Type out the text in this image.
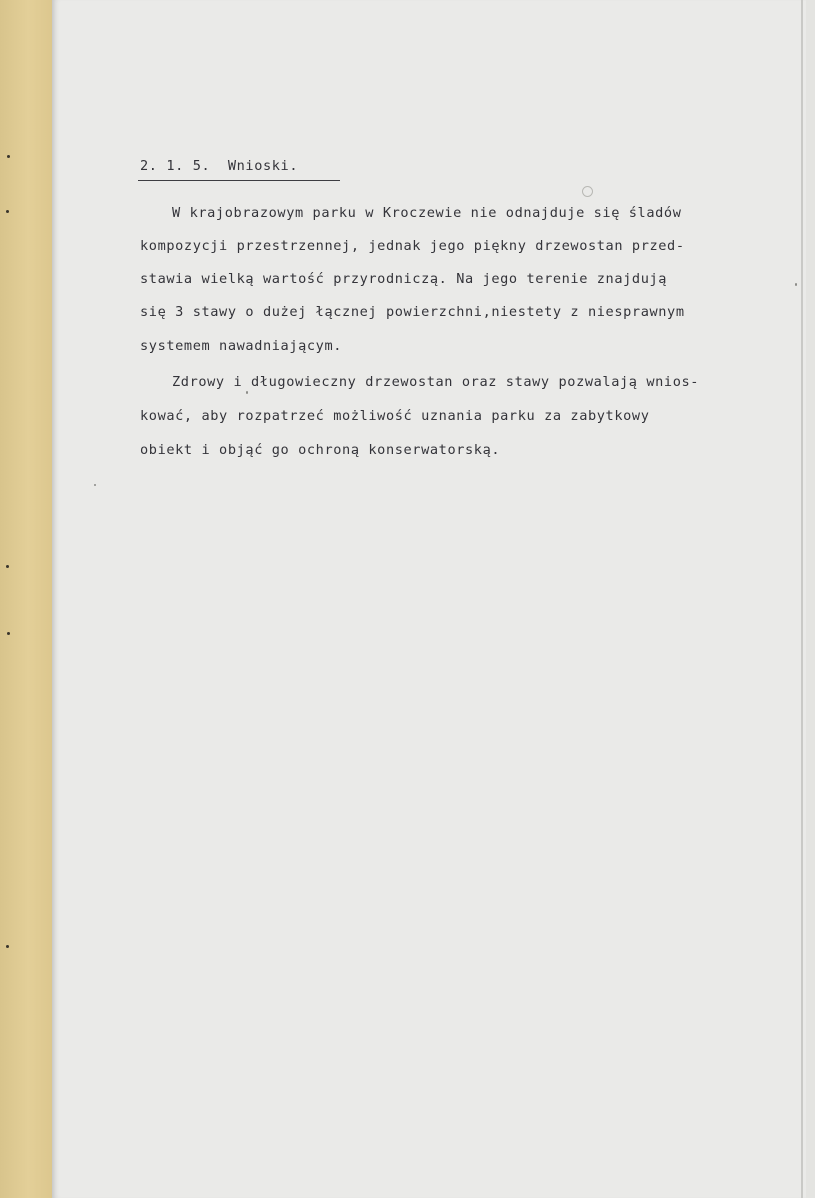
2. 1. 5.  Wnioski.
W krajobrazowym parku w Kroczewie nie odnajduje się śladów
kompozycji przestrzennej, jednak jego piękny drzewostan przed-
stawia wielką wartość przyrodniczą. Na jego terenie znajdują
się 3 stawy o dużej łącznej powierzchni,niestety z niesprawnym
systemem nawadniającym.
Zdrowy i długowieczny drzewostan oraz stawy pozwalają wnios-
kować, aby rozpatrzeć możliwość uznania parku za zabytkowy
obiekt i objąć go ochroną konserwatorską.
